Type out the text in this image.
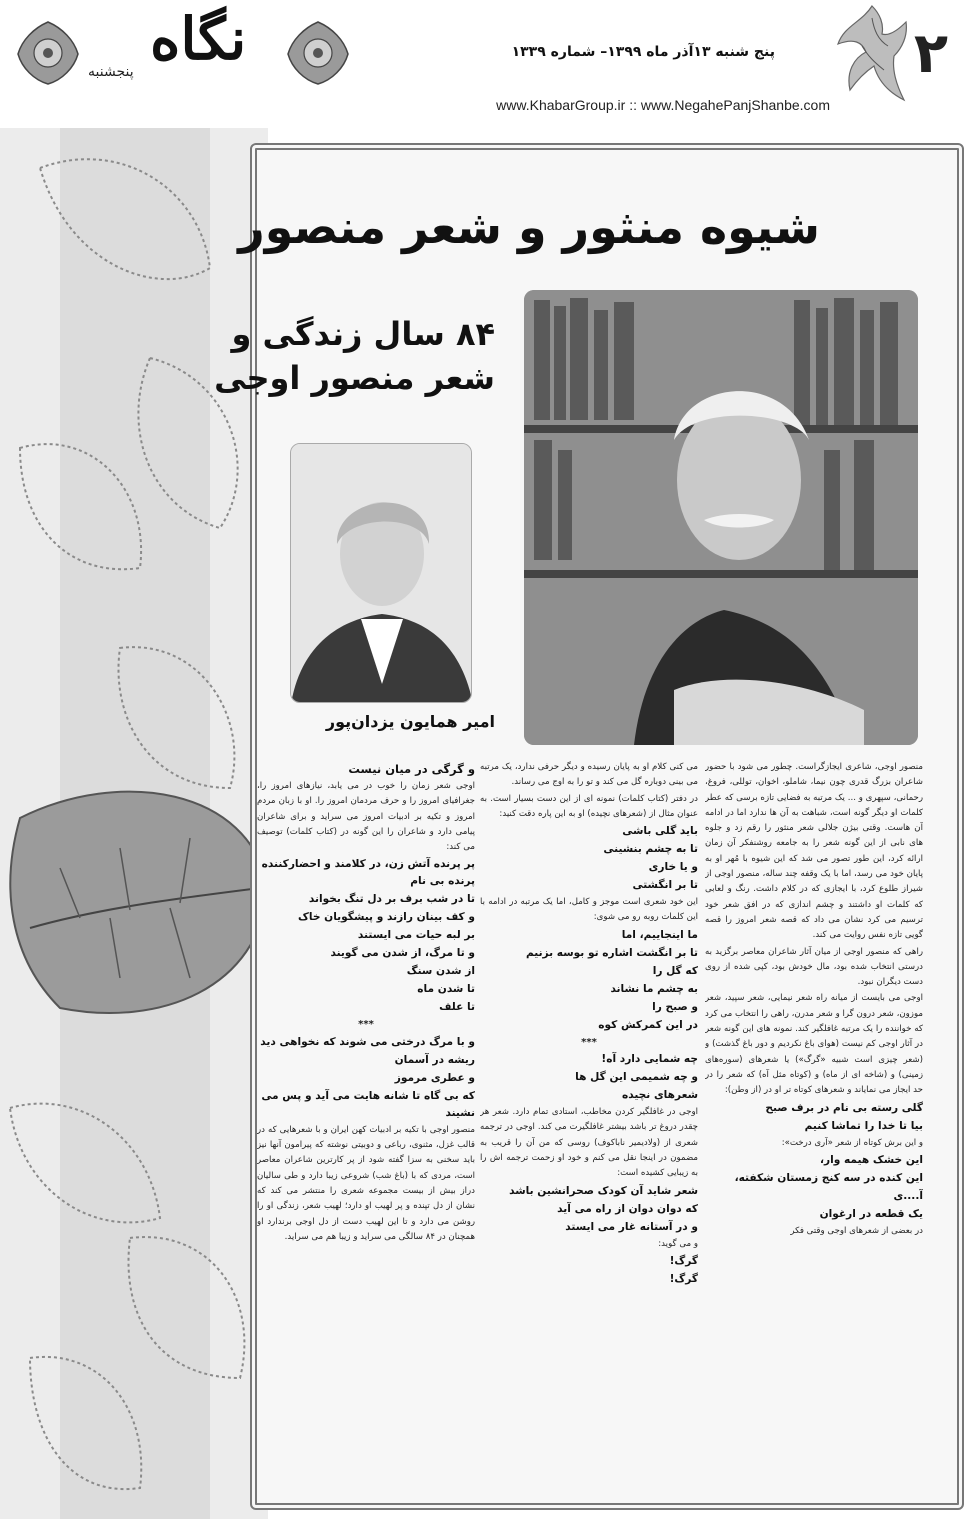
۲
پنج شنبه ۱۳آذر ماه ۱۳۹۹– شماره ۱۳۳۹
www.KhabarGroup.ir :: www.NegahePanjShanbe.com
نگاه
پنجشنبه
شیوه منثور و شعر منصور
۸۴ سال زندگی و
شعر منصور اوجی
امیر همایون یزدان‌پور

منصور اوجی، شاعری ایجازگراست. چطور می شود با حضور شاعران بزرگ قدری چون نیما، شاملو، اخوان، توللی، فروغ، رحمانی، سپهری و ... یک مرتبه به فضایی تازه برسی که عطر کلمات او دیگر گونه است، شباهت به آن ها ندارد اما در ادامه آن هاست. وقتی بیژن جلالی شعر منثور را رقم زد و جلوه های نابی از این گونه شعر را به جامعه روشنفکر آن زمان ارائه کرد، این طور تصور می شد که این شیوه با مُهر او به پایان خود می رسد، اما با یک وقفه چند ساله، منصور اوجی از شیراز طلوع کرد، با ایجازی که در کلام داشت. رنگ و لعابی که کلمات او داشتند و چشم اندازی که در افق شعر خود ترسیم می کرد نشان می داد که قصه شعر امروز را قصه گویی تازه نفس روایت می کند.

راهی که منصور اوجی از میان آثار شاعران معاصر برگزید به درستی انتخاب شده بود، مال خودش بود، کپی شده از روی دست دیگران نبود.

اوجی می بایست از میانه راه شعر نیمایی، شعر سپید، شعر موزون، شعر درون گرا و شعر مدرن، راهی را انتخاب می کرد که خواننده را یک مرتبه غافلگیر کند. نمونه های این گونه شعر در آثار اوجی کم نیست (هوای باغ نکردیم و دور باغ گذشت) و (شعر چیزی است شبیه «گرگ») یا شعرهای (سوره‌های زمینی) و (شاخه ای از ماه) و (کوتاه مثل آه) که شعر را در حد ایجاز می نمایاند و شعرهای کوتاه تر او در (از وطن):

گلی رسته بی نام در برف صبح

بیا تا خدا را تماشا کنیم

و این برش کوتاه از شعر «آری درخت»:

این خشک هیمه وار،

این کنده در سه کنج زمستان شکفته،

آ....ی

یک قطعه در ارغوان

در بعضی از شعرهای اوجی وقتی فکر

می کنی کلام او به پایان رسیده و دیگر حرفی ندارد، یک مرتبه می بینی دوباره گل می کند و تو را به اوج می رساند.

در دفتر (کتاب کلمات) نمونه ای از این دست بسیار است. به عنوان مثال از (شعرهای نچیده) او به این پاره دقت کنید:

باید گلی باشی

تا به چشم بنشینی

و یا خاری

تا بر انگشتی

این خود شعری است موجز و کامل، اما یک مرتبه در ادامه با این کلمات روبه رو می شوی:

ما اینجاییم، اما

تا بر انگشت اشاره تو بوسه بزنیم

که گل را

به چشم ما نشاند

و صبح را

در این کمرکش کوه

***

چه شمایی دارد آه!

و چه شمیمی این گل ها

شعرهای نچیده

اوجی در غافلگیر کردن مخاطب، استادی تمام دارد. شعر هر چقدر دروغ تر باشد بیشتر غافلگیرت می کند. اوجی در ترجمه شعری از (ولادیمیر ناباکوف) روسی که من آن را قریب به مضمون در اینجا نقل می کنم و خود او زحمت ترجمه اش را به زیبایی کشیده است:

شعر شاید آن کودک صحرانشین باشد

که دوان دوان از راه می آید

و در آستانه غار می ایستد

و می گوید:

گرگ!

گرگ!

و گرگی در میان نیست

اوجی شعر زمان را خوب در می یابد، نیازهای امروز را، جغرافیای امروز را و حرف مردمان امروز را. او با زبان مردم امروز و تکیه بر ادبیات امروز می سراید و برای شاعران پیامی دارد و شاعران را این گونه در (کتاب کلمات) توصیف می کند:

پر پرنده آتش زن، در کلامند و احضارکننده پرنده بی نام

تا در شب برف بر دل تنگ بخواند

و کف بینان رازند و پیشگویان خاک

بر لبه حیات می ایستند

و تا مرگ، از شدن می گویند

از شدن سنگ

تا شدن ماه

تا علف

***

و با مرگ درختی می شوند که نخواهی دید

ریشه در آسمان

و عطری مرموز

که بی گاه تا شانه هایت می آید و پس می نشیند

منصور اوجی با تکیه بر ادبیات کهن ایران و با شعرهایی که در قالب غزل، مثنوی، رباعی و دوبیتی نوشته که پیرامون آنها نیز باید سخنی به سزا گفته شود از پر کارترین شاعران معاصر است، مردی که با (باغ شب) شروعی زیبا دارد و طی سالیان دراز بیش از بیست مجموعه شعری را منتشر می کند که نشان از دل تپنده و پر لهیب او دارد؛ لهیب شعر، زندگی او را روشن می دارد و تا این لهیب دست از دل اوجی برندارد او همچنان در ۸۴ سالگی می سراید و زیبا هم می سراید.
